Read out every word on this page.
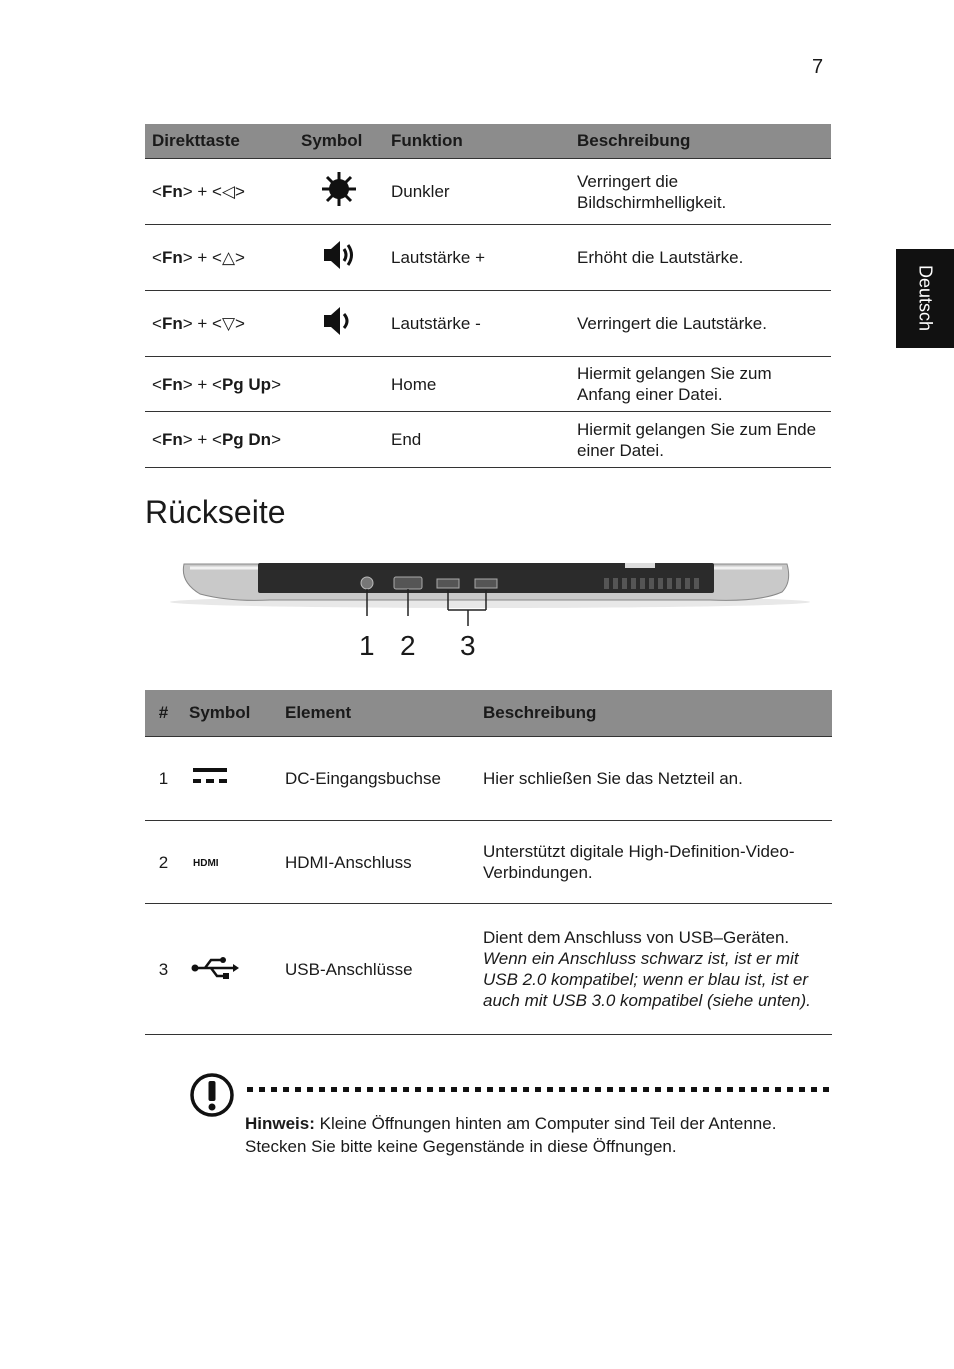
7
Deutsch
Direkttaste	Symbol	Funktion	Beschreibung
<Fn> + <◁>		Dunkler	Verringert die Bildschirmhelligkeit.
<Fn> + <△>		Lautstärke +	Erhöht die Lautstärke.
<Fn> + <▽>		Lautstärke -	Verringert die Lautstärke.
<Fn> + <Pg Up>		Home	Hiermit gelangen Sie zum Anfang einer Datei.
<Fn> + <Pg Dn>		End	Hiermit gelangen Sie zum Ende einer Datei.
Rückseite
1 2 3
#	Symbol	Element	Beschreibung
1		DC-Eingangsbuchse	Hier schließen Sie das Netzteil an.
2	HDMI	HDMI-Anschluss	Unterstützt digitale High-Definition-Video-Verbindungen.
3		USB-Anschlüsse	Dient dem Anschluss von USB–Geräten.
Wenn ein Anschluss schwarz ist, ist er mit USB 2.0 kompatibel; wenn er blau ist, ist er auch mit USB 3.0 kompatibel (siehe unten).
Hinweis: Kleine Öffnungen hinten am Computer sind Teil der Antenne. Stecken Sie bitte keine Gegenstände in diese Öffnungen.
